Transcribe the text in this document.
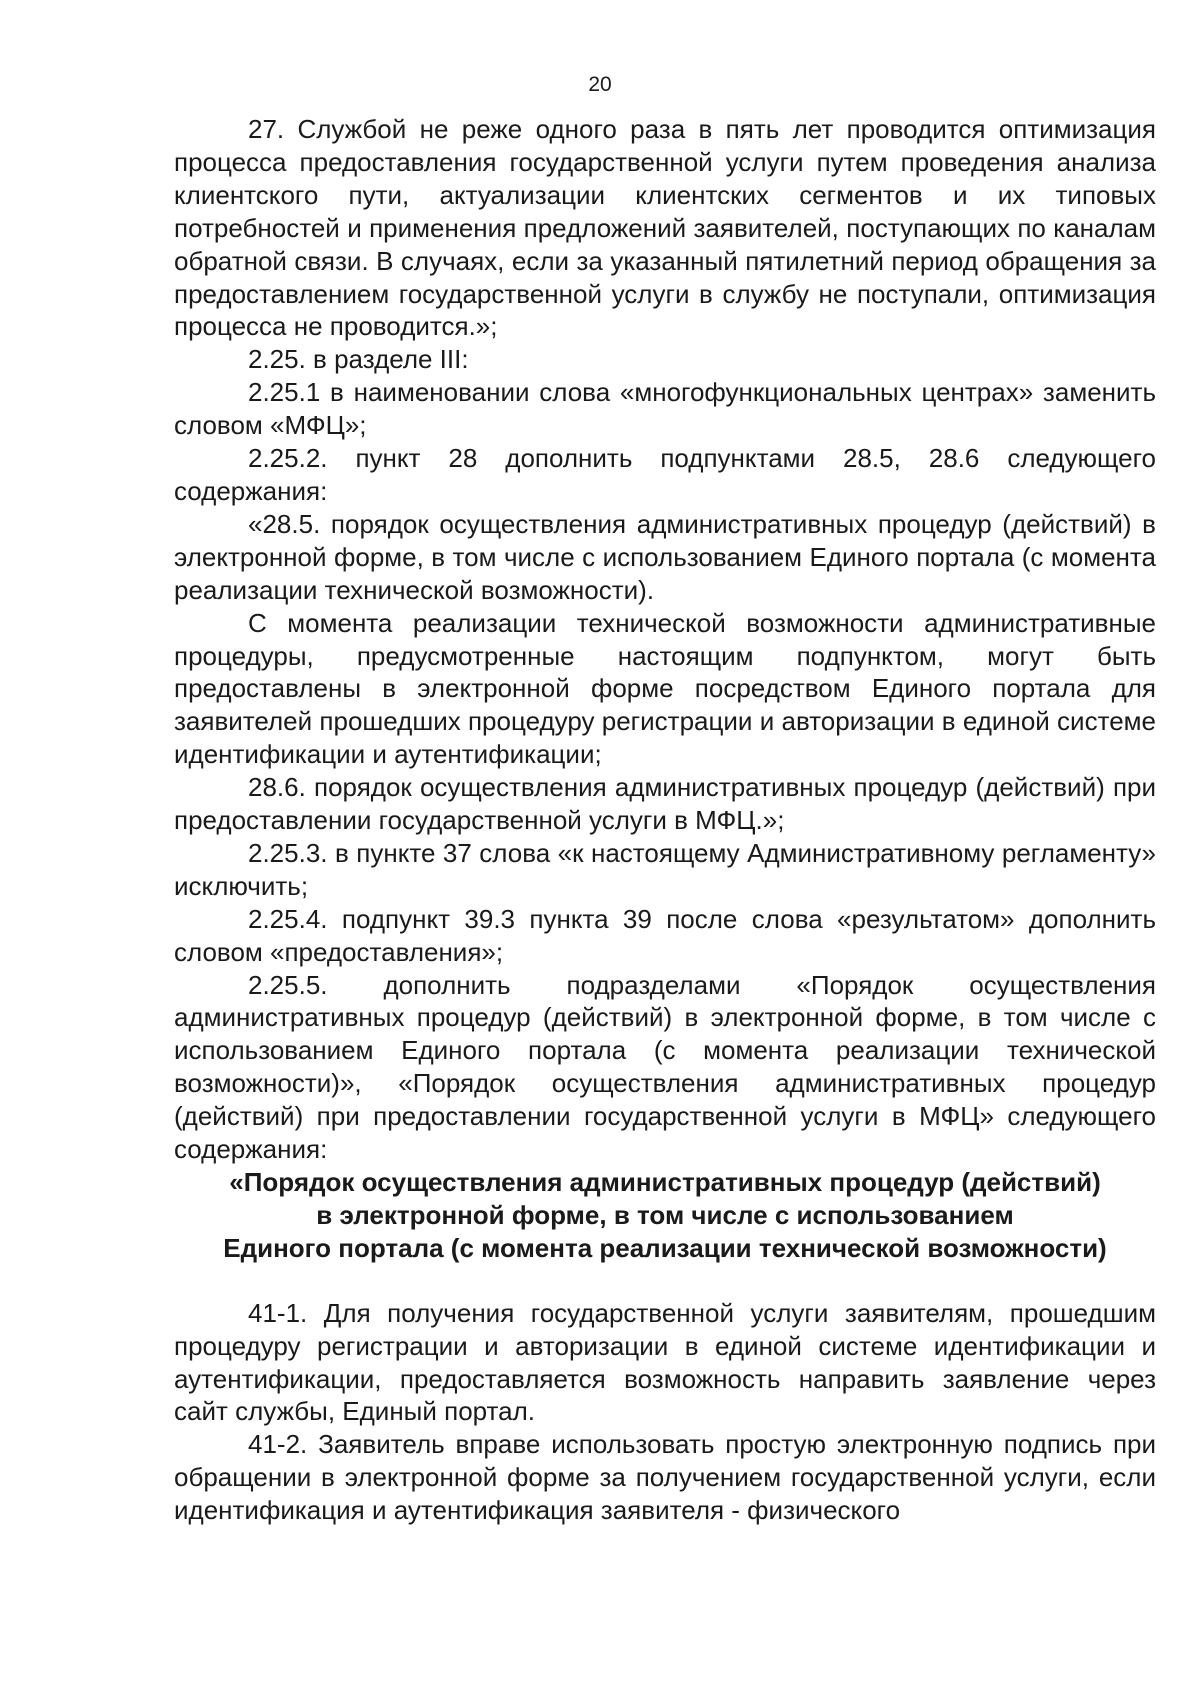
20

27. Службой не реже одного раза в пять лет проводится оптимизация процесса предоставления государственной услуги путем проведения анализа клиентского пути, актуализации клиентских сегментов и их типовых потребностей и применения предложений заявителей, поступающих по каналам обратной связи. В случаях, если за указанный пятилетний период обращения за предоставлением государственной услуги в службу не поступали, оптимизация процесса не проводится.»;

2.25. в разделе III:

2.25.1 в наименовании слова «многофункциональных центрах» заменить словом «МФЦ»;

2.25.2. пункт 28 дополнить подпунктами 28.5, 28.6 следующего содержания:

«28.5. порядок осуществления административных процедур (действий) в электронной форме, в том числе с использованием Единого портала (с момента реализации технической возможности).

С момента реализации технической возможности административные процедуры, предусмотренные настоящим подпунктом, могут быть предоставлены в электронной форме посредством Единого портала для заявителей прошедших процедуру регистрации и авторизации в единой системе идентификации и аутентификации;

28.6. порядок осуществления административных процедур (действий) при предоставлении государственной услуги в МФЦ.»;

2.25.3. в пункте 37 слова «к настоящему Административному регламенту» исключить;

2.25.4. подпункт 39.3 пункта 39 после слова «результатом» дополнить словом «предоставления»;

2.25.5. дополнить подразделами «Порядок осуществления административных процедур (действий) в электронной форме, в том числе с использованием Единого портала (с момента реализации технической возможности)», «Порядок осуществления административных процедур (действий) при предоставлении государственной услуги в МФЦ» следующего содержания:

«Порядок осуществления административных процедур (действий)

в электронной форме, в том числе с использованием

Единого портала (с момента реализации технической возможности)

41-1. Для получения государственной услуги заявителям, прошедшим процедуру регистрации и авторизации в единой системе идентификации и аутентификации, предоставляется возможность направить заявление через сайт службы, Единый портал.

41-2. Заявитель вправе использовать простую электронную подпись при обращении в электронной форме за получением государственной услуги, если идентификация и аутентификация заявителя - физического
